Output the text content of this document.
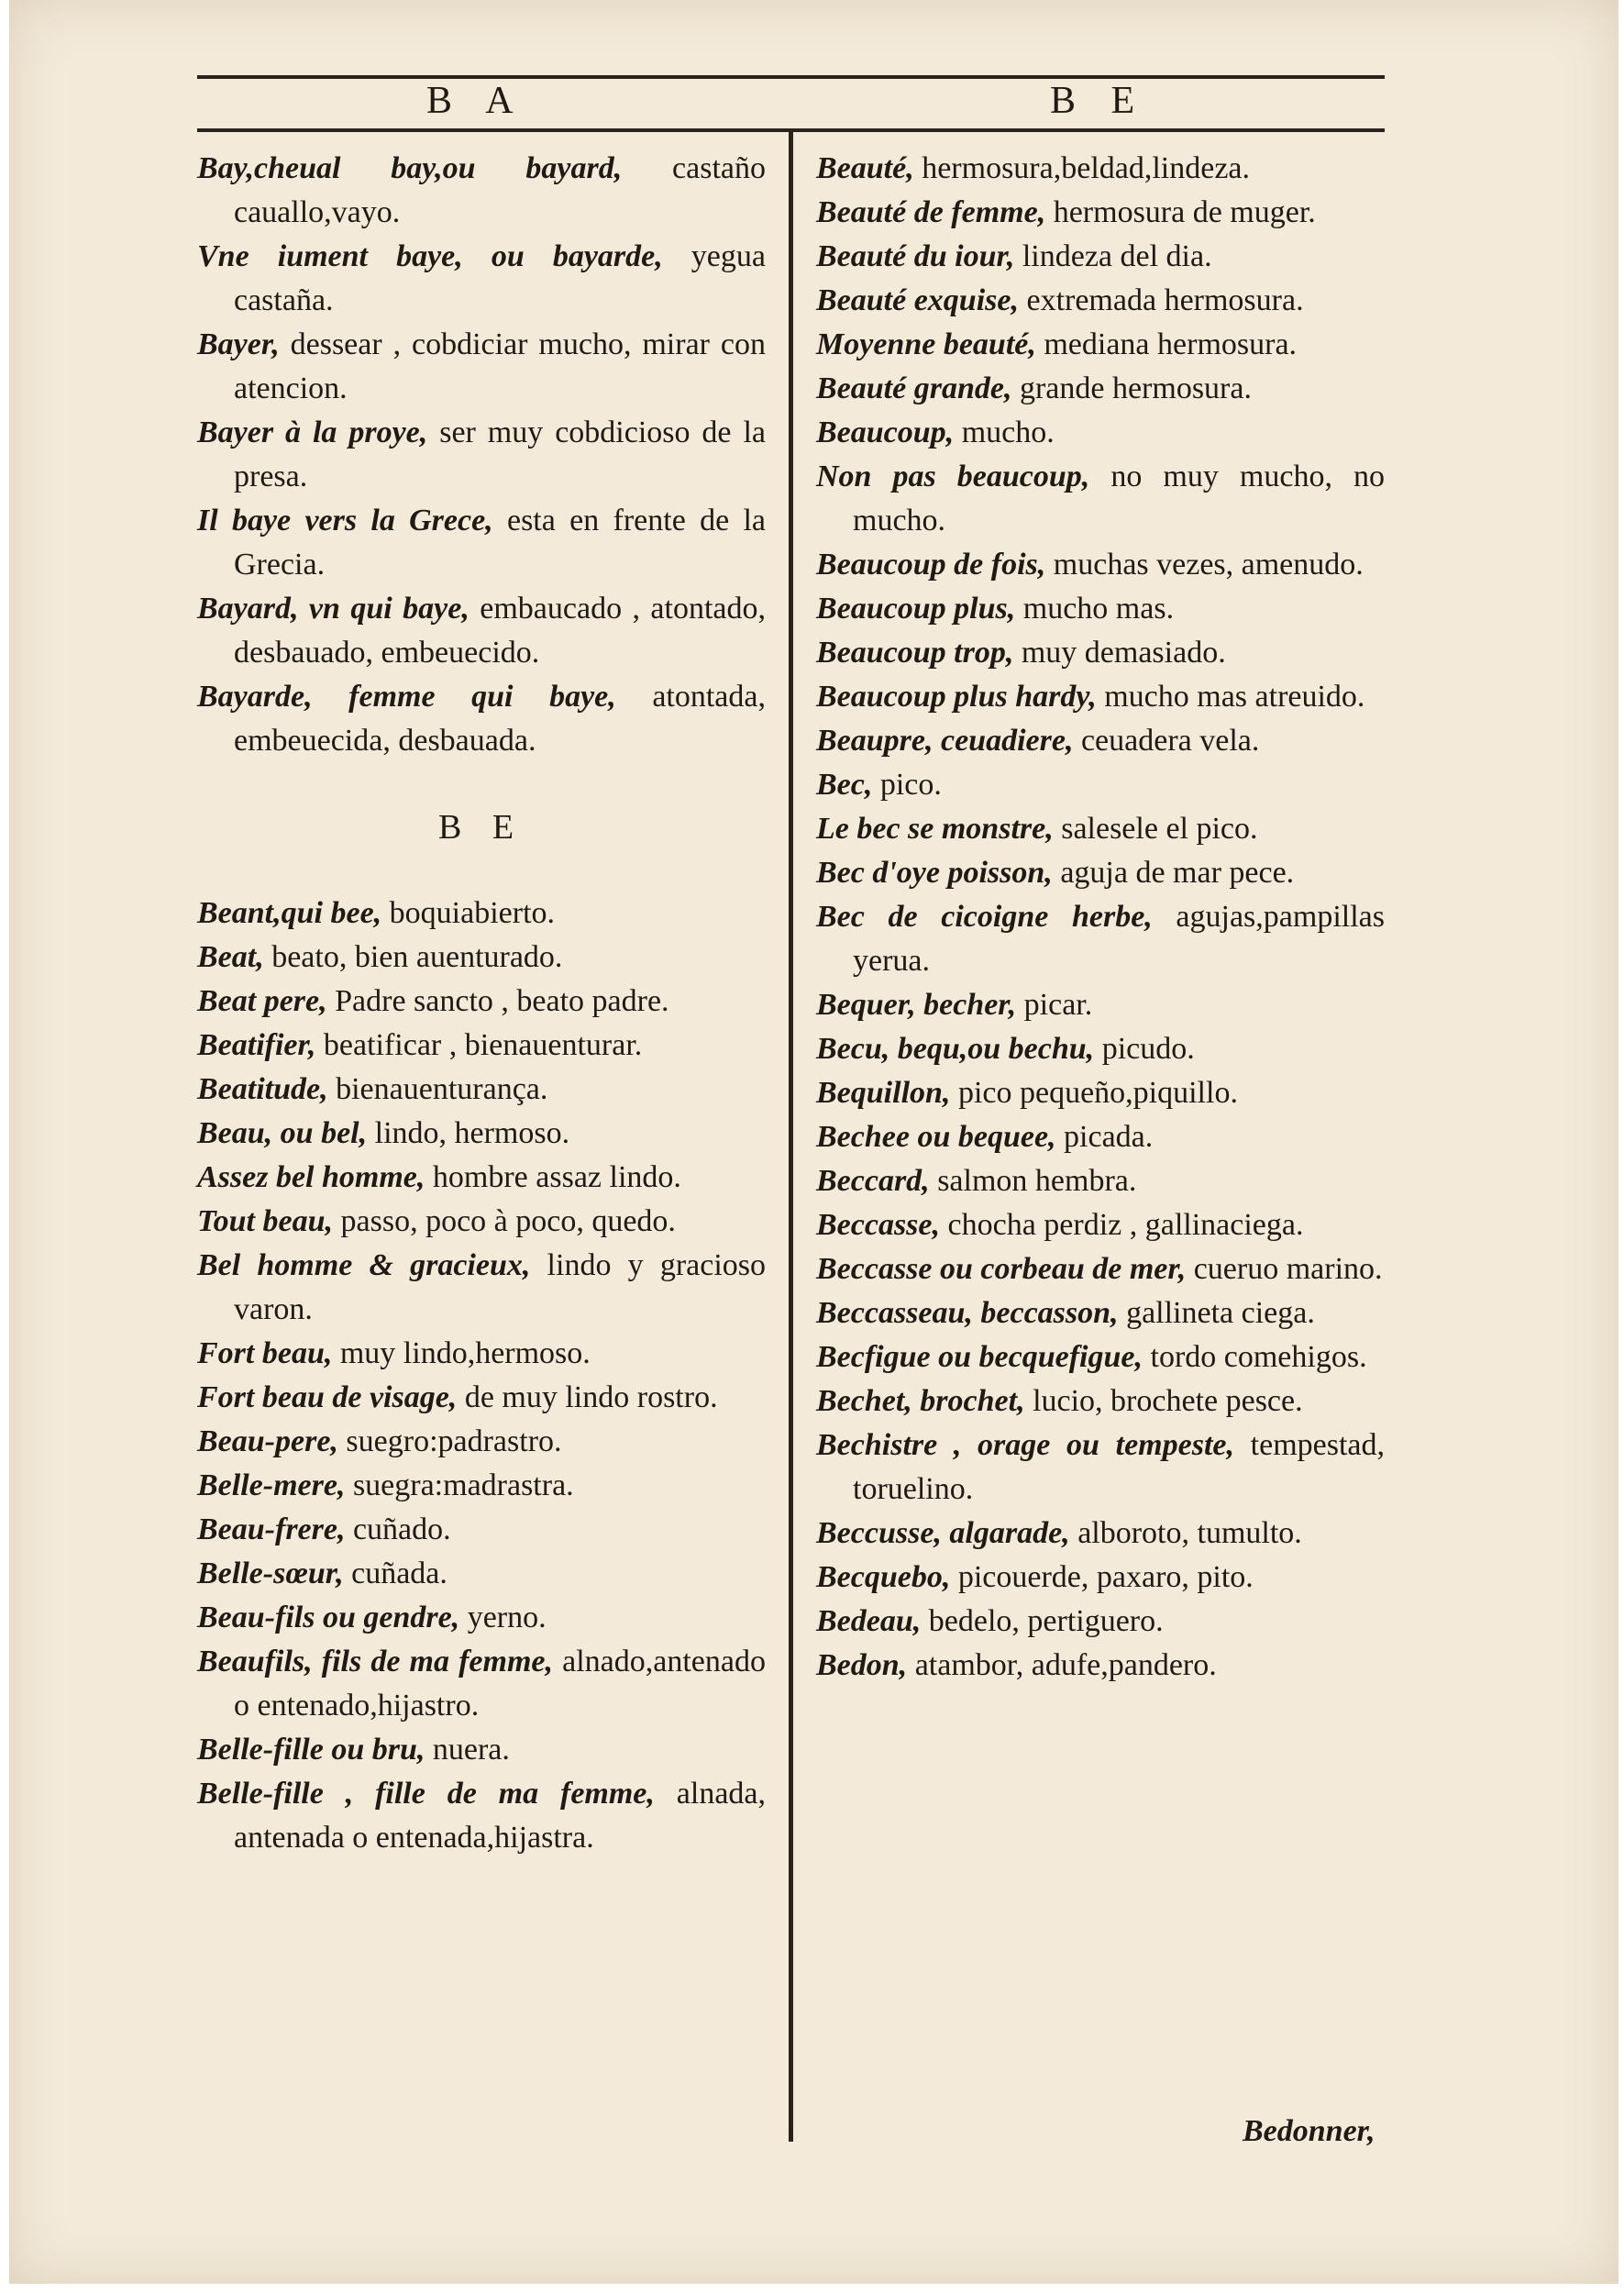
B A	B E

Bay,cheual bay,ou bayard, castaño cauallo,vayo.

Vne iument baye, ou bayarde, yegua castaña.

Bayer, dessear , cobdiciar mucho, mirar con atencion.

Bayer à la proye, ser muy cobdicioso de la presa.

Il baye vers la Grece, esta en frente de la Grecia.

Bayard, vn qui baye, embaucado , atontado, desbauado, embeuecido.

Bayarde, femme qui baye, atontada, embeuecida, desbauada.

B E

Beant,qui bee, boquiabierto.

Beat, beato, bien auenturado.

Beat pere, Padre sancto , beato padre.

Beatifier, beatificar , bienauenturar.

Beatitude, bienauenturança.

Beau, ou bel, lindo, hermoso.

Assez bel homme, hombre assaz lindo.

Tout beau, passo, poco à poco, quedo.

Bel homme & gracieux, lindo y gracioso varon.

Fort beau, muy lindo,hermoso.

Fort beau de visage, de muy lindo rostro.

Beau-pere, suegro:padrastro.

Belle-mere, suegra:madrastra.

Beau-frere, cuñado.

Belle-sœur, cuñada.

Beau-fils ou gendre, yerno.

Beaufils, fils de ma femme, alnado,antenado o entenado,hijastro.

Belle-fille ou bru, nuera.

Belle-fille , fille de ma femme, alnada, antenada o entenada,hijastra.

Beauté, hermosura,beldad,lindeza.

Beauté de femme, hermosura de muger.

Beauté du iour, lindeza del dia.

Beauté exquise, extremada hermosura.

Moyenne beauté, mediana hermosura.

Beauté grande, grande hermosura.

Beaucoup, mucho.

Non pas beaucoup, no muy mucho, no mucho.

Beaucoup de fois, muchas vezes, amenudo.

Beaucoup plus, mucho mas.

Beaucoup trop, muy demasiado.

Beaucoup plus hardy, mucho mas atreuido.

Beaupre, ceuadiere, ceuadera vela.

Bec, pico.

Le bec se monstre, salesele el pico.

Bec d'oye poisson, aguja de mar pece.

Bec de cicoigne herbe, agujas,pampillas yerua.

Bequer, becher, picar.

Becu, bequ,ou bechu, picudo.

Bequillon, pico pequeño,piquillo.

Bechee ou bequee, picada.

Beccard, salmon hembra.

Beccasse, chocha perdiz , gallinaciega.

Beccasse ou corbeau de mer, cueruo marino.

Beccasseau, beccasson, gallineta ciega.

Becfigue ou becquefigue, tordo comehigos.

Bechet, brochet, lucio, brochete pesce.

Bechistre , orage ou tempeste, tempestad, toruelino.

Beccusse, algarade, alboroto, tumulto.

Becquebo, picouerde, paxaro, pito.

Bedeau, bedelo, pertiguero.

Bedon, atambor, adufe,pandero.

Bedonner,
